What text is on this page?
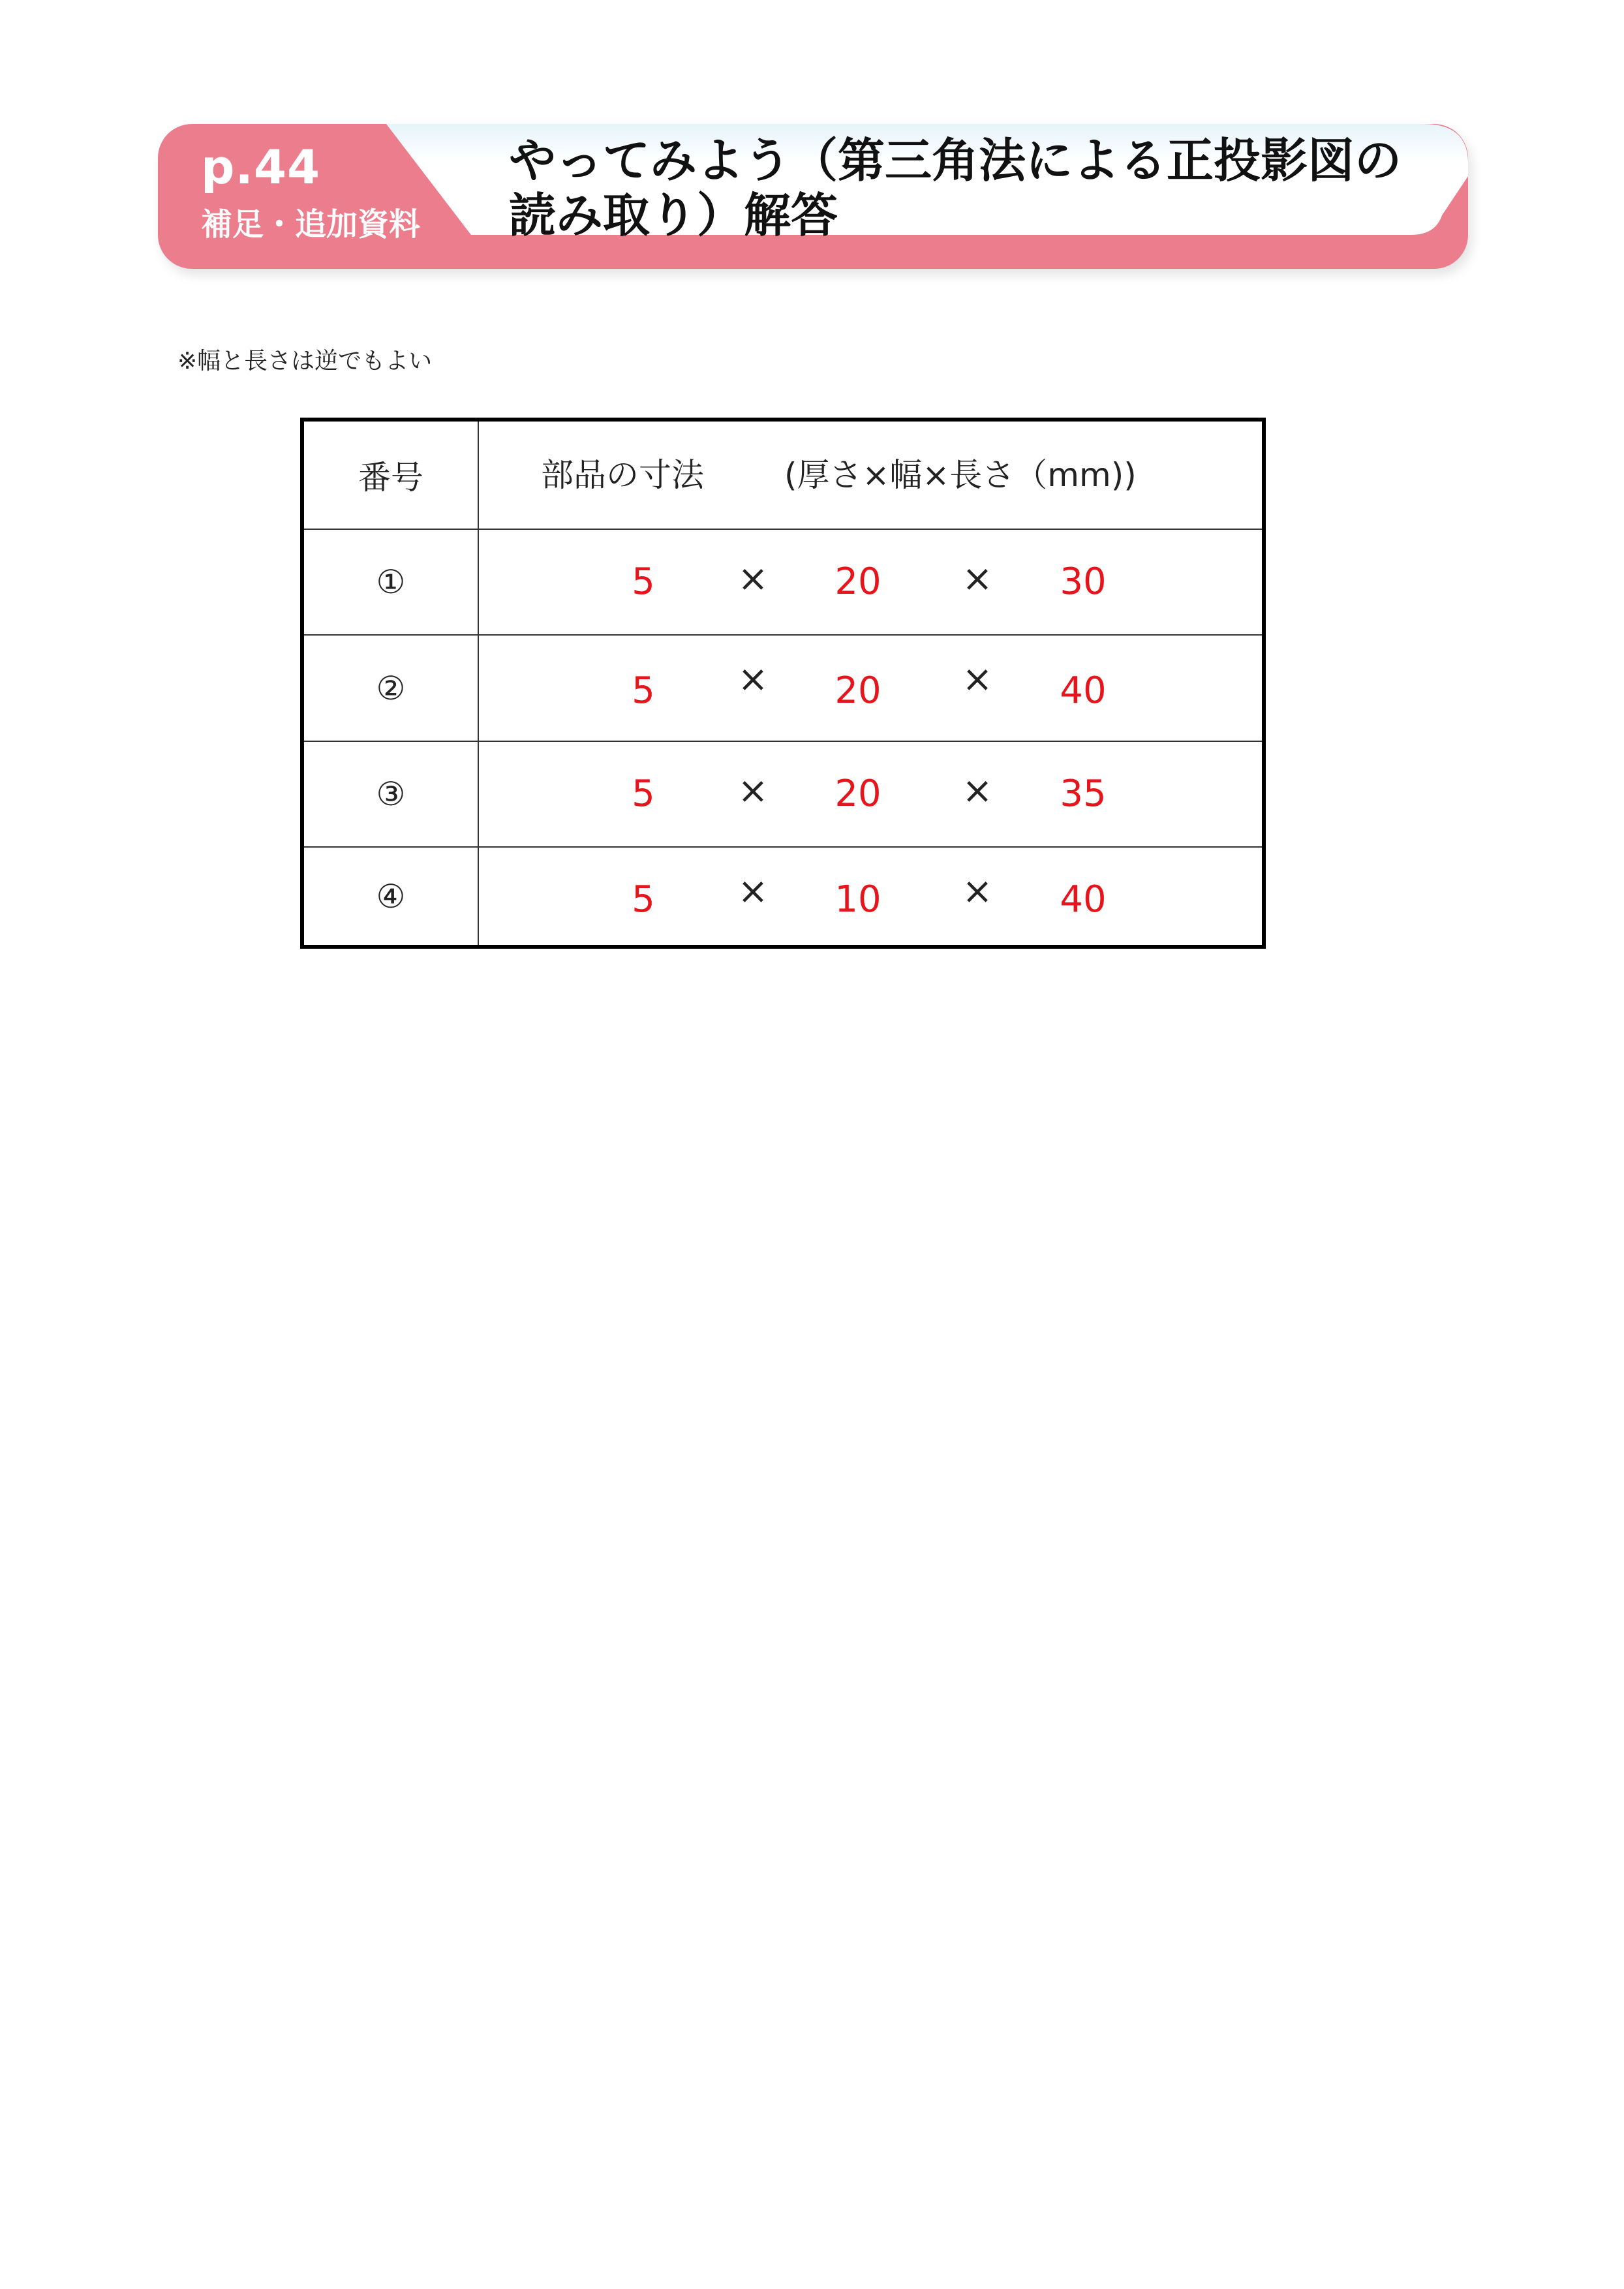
p.44
補足・追加資料
やってみよう（第三角法による正投影図の読み取り）解答
※幅と長さは逆でもよい
番号	部品の寸法 (厚さ×幅×長さ（mm))
①	5 × 20 × 30
②	5 × 20 × 40
③	5 × 20 × 35
④	5 × 10 × 40
